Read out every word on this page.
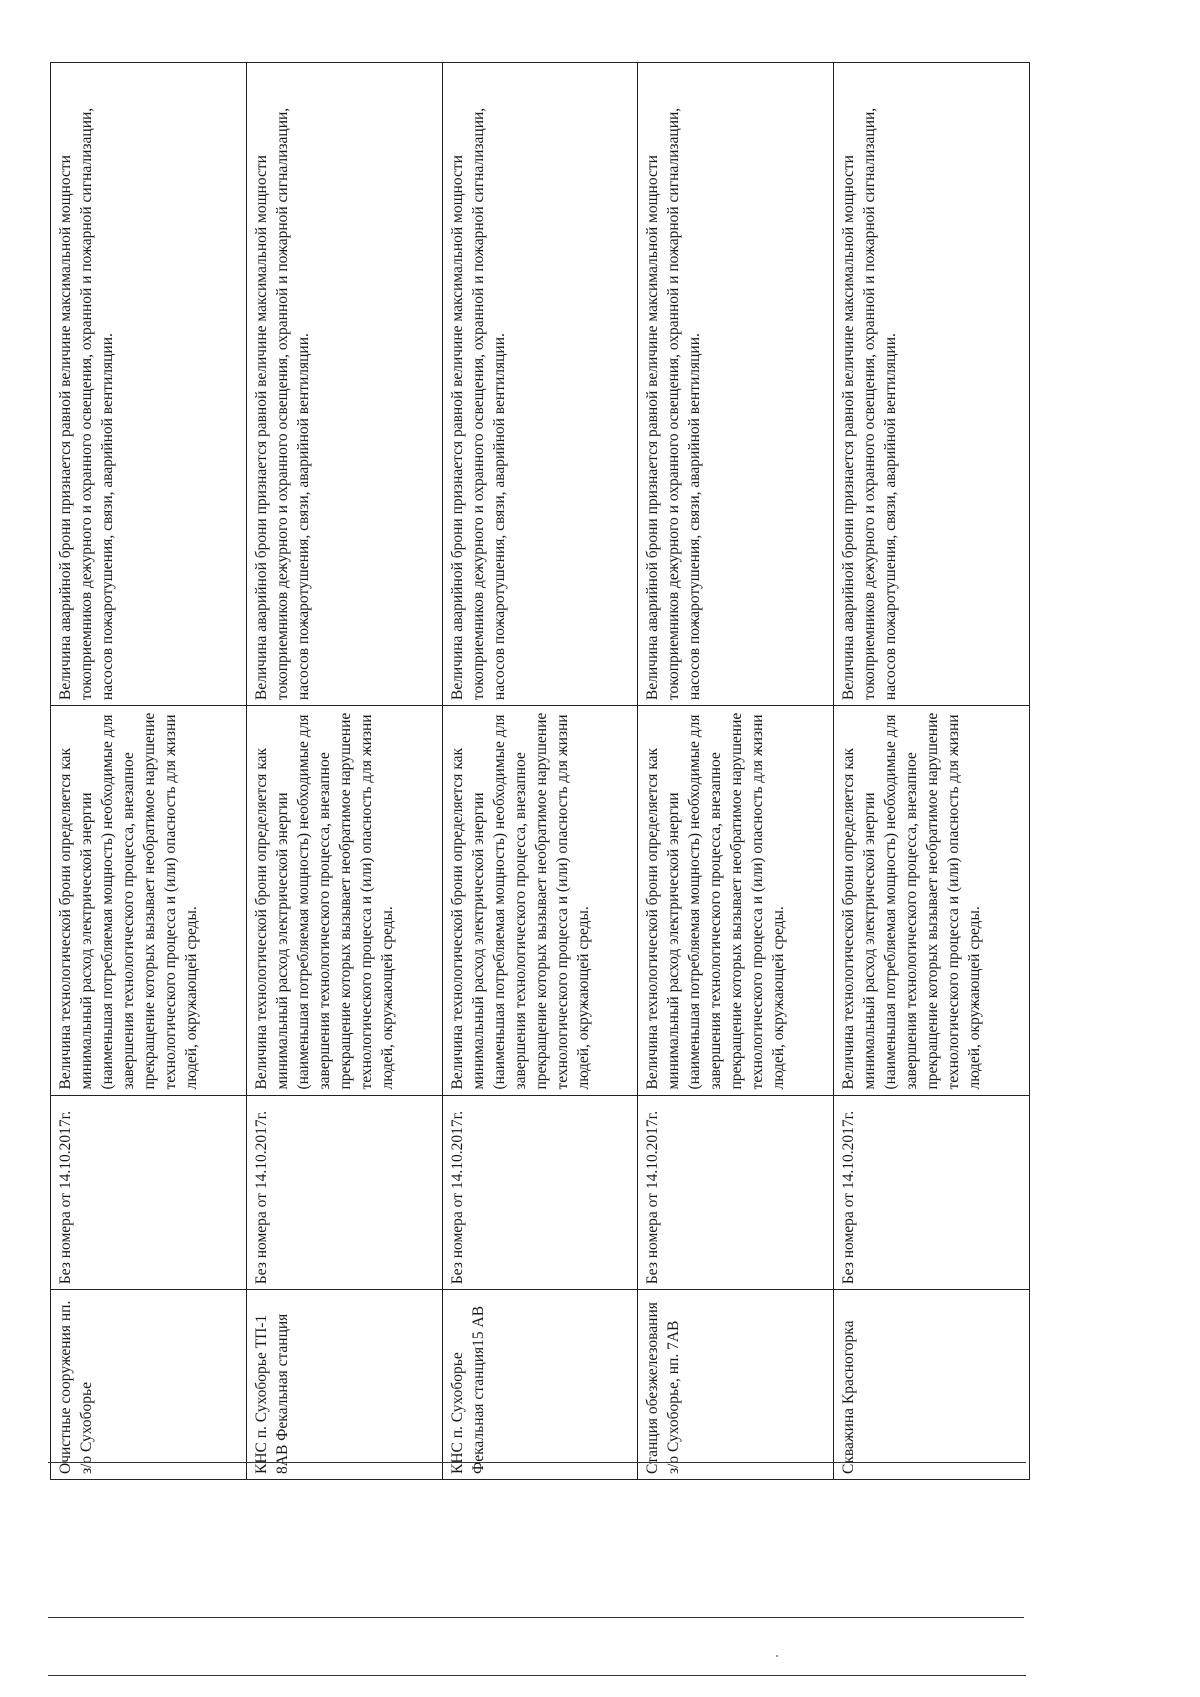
Очистные сооружения нп. з/о Сухоборье
Без номера от 14.10.2017г.
Величина технологической брони определяется как минимальный расход электрической энергии (наименьшая потребляемая мощность) необходимые для завершения технологического процесса, внезапное прекращение которых вызывает необратимое нарушение технологического процесса и (или) опасность для жизни людей, окружающей среды.
Величина аварийной брони признается равной величине максимальной мощности токоприемников дежурного и охранного освещения, охранной и пожарной сигнализации, насосов пожаротушения, связи, аварийной вентиляции.
КНС п. Сухоборье ТП-1 8АВ Фекальная станция
Без номера от 14.10.2017г.
Величина технологической брони определяется как минимальный расход электрической энергии (наименьшая потребляемая мощность) необходимые для завершения технологического процесса, внезапное прекращение которых вызывает необратимое нарушение технологического процесса и (или) опасность для жизни людей, окружающей среды.
Величина аварийной брони признается равной величине максимальной мощности токоприемников дежурного и охранного освещения, охранной и пожарной сигнализации, насосов пожаротушения, связи, аварийной вентиляции.
КНС п. Сухоборье Фекальная станция15 АВ
Без номера от 14.10.2017г.
Величина технологической брони определяется как минимальный расход электрической энергии (наименьшая потребляемая мощность) необходимые для завершения технологического процесса, внезапное прекращение которых вызывает необратимое нарушение технологического процесса и (или) опасность для жизни людей, окружающей среды.
Величина аварийной брони признается равной величине максимальной мощности токоприемников дежурного и охранного освещения, охранной и пожарной сигнализации, насосов пожаротушения, связи, аварийной вентиляции.
Станция обезжелезования з/о Сухоборье, нп. 7АВ
Без номера от 14.10.2017г.
Величина технологической брони определяется как минимальный расход электрической энергии (наименьшая потребляемая мощность) необходимые для завершения технологического процесса, внезапное прекращение которых вызывает необратимое нарушение технологического процесса и (или) опасность для жизни людей, окружающей среды.
Величина аварийной брони признается равной величине максимальной мощности токоприемников дежурного и охранного освещения, охранной и пожарной сигнализации, насосов пожаротушения, связи, аварийной вентиляции.
Скважина Красногорка
Без номера от 14.10.2017г.
Величина технологической брони определяется как минимальный расход электрической энергии (наименьшая потребляемая мощность) необходимые для завершения технологического процесса, внезапное прекращение которых вызывает необратимое нарушение технологического процесса и (или) опасность для жизни людей, окружающей среды.
Величина аварийной брони признается равной величине максимальной мощности токоприемников дежурного и охранного освещения, охранной и пожарной сигнализации, насосов пожаротушения, связи, аварийной вентиляции.
